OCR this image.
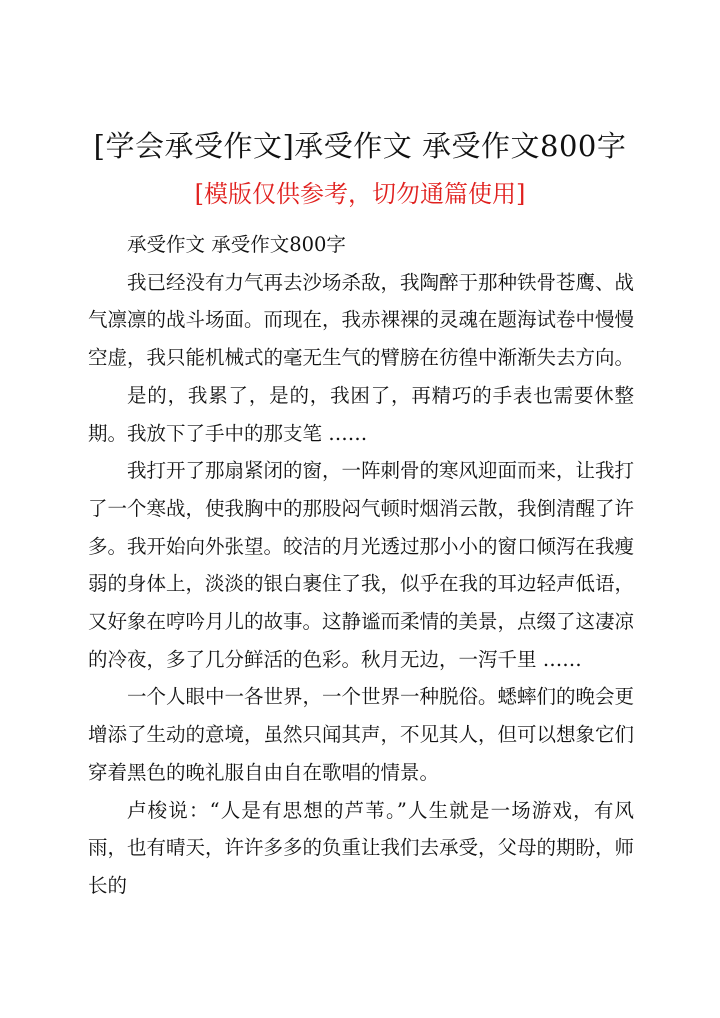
[学会承受作文]承受作文 承受作文800字
[模版仅供参考，切勿通篇使用]

承受作文 承受作文800字

我已经没有力气再去沙场杀敌，我陶醉于那种铁骨苍鹰、战气凛凛的战斗场面。而现在，我赤裸裸的灵魂在题海试卷中慢慢空虚，我只能机械式的毫无生气的臂膀在彷徨中渐渐失去方向。

是的，我累了，是的，我困了，再精巧的手表也需要休整期。我放下了手中的那支笔 ……

我打开了那扇紧闭的窗，一阵刺骨的寒风迎面而来，让我打了一个寒战，使我胸中的那股闷气顿时烟消云散，我倒清醒了许多。我开始向外张望。皎洁的月光透过那小小的窗口倾泻在我瘦弱的身体上，淡淡的银白裹住了我，似乎在我的耳边轻声低语，又好象在哼吟月儿的故事。这静谧而柔情的美景，点缀了这凄凉的冷夜，多了几分鲜活的色彩。秋月无边，一泻千里 ……

一个人眼中一各世界，一个世界一种脱俗。蟋蟀们的晚会更增添了生动的意境，虽然只闻其声，不见其人，但可以想象它们穿着黑色的晚礼服自由自在歌唱的情景。

卢梭说：“人是有思想的芦苇。”人生就是一场游戏，有风雨，也有晴天，许许多多的负重让我们去承受，父母的期盼，师长的
